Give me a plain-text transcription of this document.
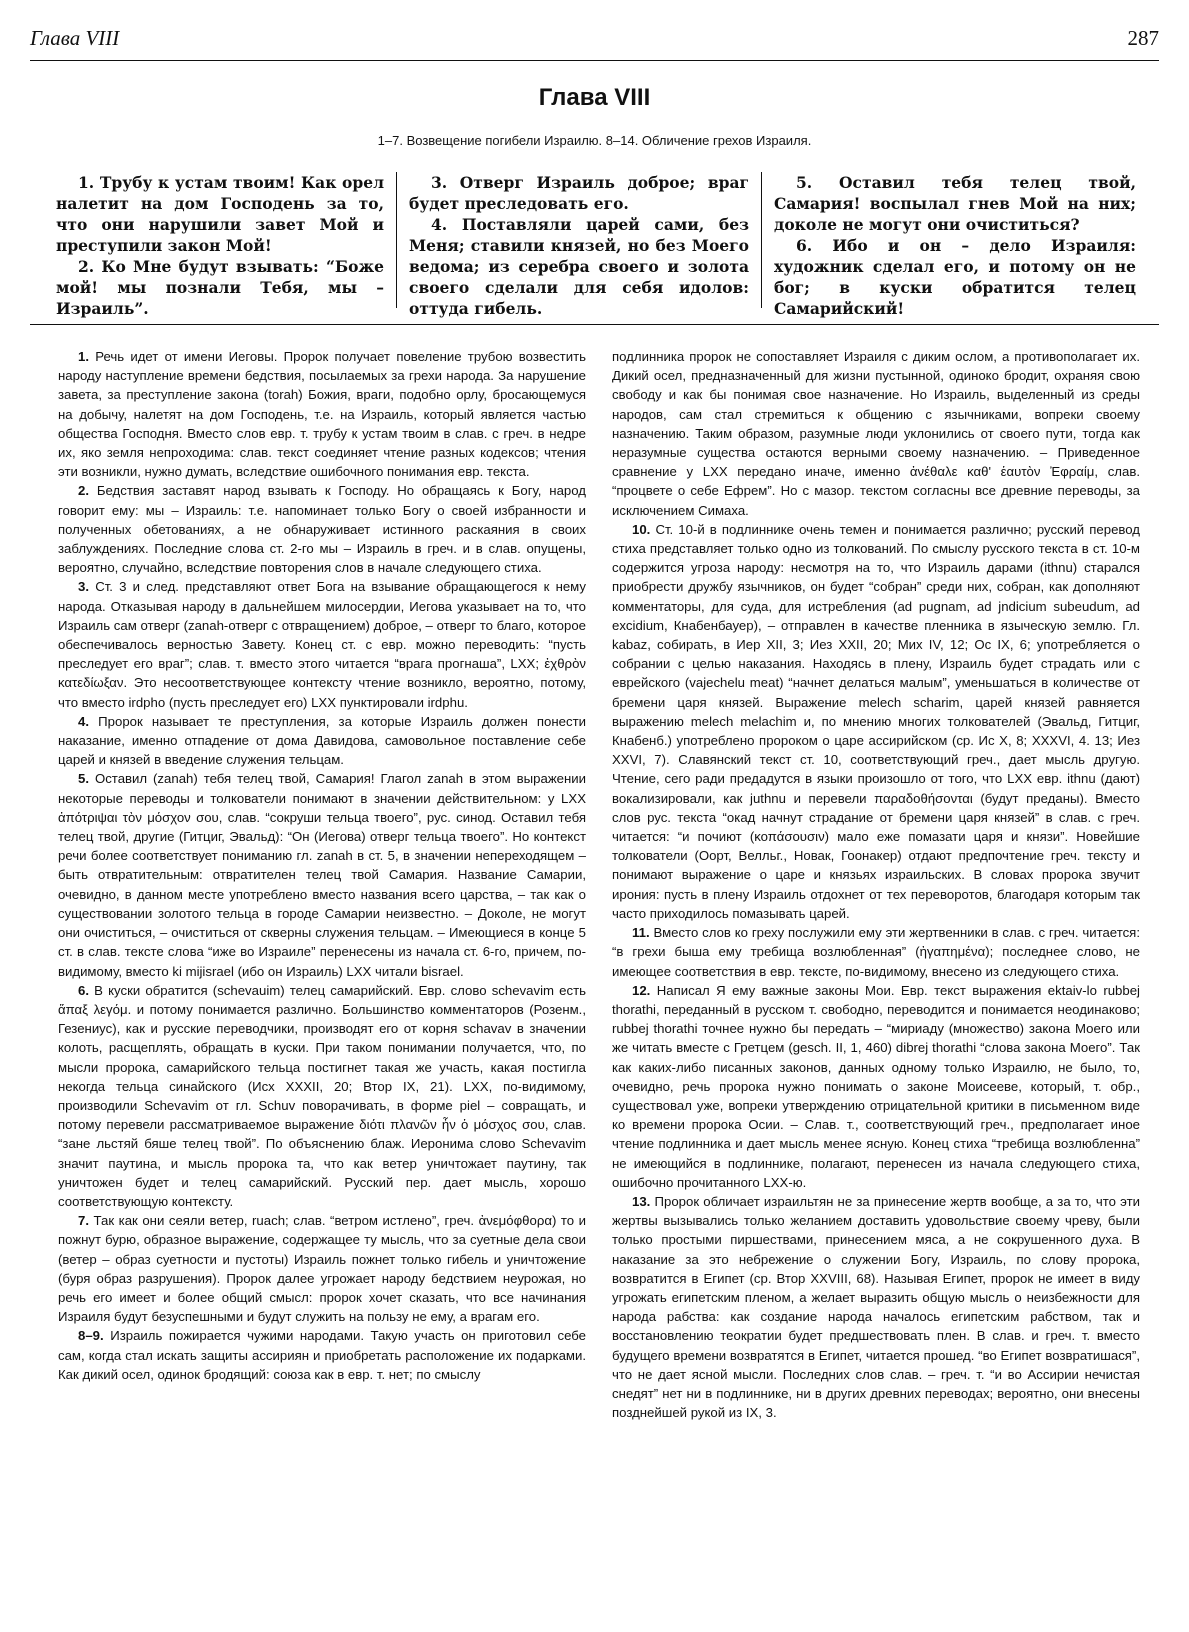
Глава VIII	287
Глава VIII
1–7. Возвещение погибели Израилю. 8–14. Обличение грехов Израиля.

1. Трубу к устам твоим! Как орел налетит на дом Господень за то, что они нарушили завет Мой и преступили закон Мой!

2. Ко Мне будут взывать: “Боже мой! мы познали Тебя, мы – Израиль”.

3. Отверг Израиль доброе; враг будет преследовать его.

4. Поставляли царей сами, без Меня; ставили князей, но без Моего ведома; из серебра своего и золота своего сделали для себя идолов: оттуда гибель.

5. Оставил тебя телец твой, Самария! воспылал гнев Мой на них; доколе не могут они очиститься?

6. Ибо и он – дело Израиля: художник сделал его, и потому он не бог; в куски обратится телец Самарийский!

1. Речь идет от имени Иеговы. Пророк получает повеление трубою возвестить народу наступление времени бедствия, посылаемых за грехи народа. За нарушение завета, за преступление закона (torah) Божия, враги, подобно орлу, бросающемуся на добычу, налетят на дом Господень, т.е. на Израиль, который является частью общества Господня. Вместо слов евр. т. трубу к устам твоим в слав. с греч. в недре их, яко земля непроходима: слав. текст соединяет чтение разных кодексов; чтения эти возникли, нужно думать, вследствие ошибочного понимания евр. текста.

2. Бедствия заставят народ взывать к Господу. Но обращаясь к Богу, народ говорит ему: мы – Израиль: т.е. напоминает только Богу о своей избранности и полученных обетованиях, а не обнаруживает истинного раскаяния в своих заблуждениях. Последние слова ст. 2-го мы – Израиль в греч. и в слав. опущены, вероятно, случайно, вследствие повторения слов в начале следующего стиха.

3. Ст. 3 и след. представляют ответ Бога на взывание обращающегося к нему народа. Отказывая народу в дальнейшем милосердии, Иегова указывает на то, что Израиль сам отверг (zanah-отверг с отвращением) доброе, – отверг то благо, которое обеспечивалось верностью Завету. Конец ст. с евр. можно переводить: “пусть преследует его враг”; слав. т. вместо этого читается “врага прогнаша”, LXX; ἐχθρὸν κατεδίωξαν. Это несоответствующее контексту чтение возникло, вероятно, потому, что вместо irdpho (пусть преследует его) LXX пунктировали irdphu.

4. Пророк называет те преступления, за которые Израиль должен понести наказание, именно отпадение от дома Давидова, самовольное поставление себе царей и князей в введение служения тельцам.

5. Оставил (zanah) тебя телец твой, Самария! Глагол zanah в этом выражении некоторые переводы и толкователи понимают в значении действительном: у LXX ἀπότριψαι τὸν μόσχον σου, слав. “сокруши тельца твоего”, рус. синод. Оставил тебя телец твой, другие (Гитциг, Эвальд): “Он (Иегова) отверг тельца твоего”. Но контекст речи более соответствует пониманию гл. zanah в ст. 5, в значении непереходящем – быть отвратительным: отвратителен телец твой Самария. Название Самарии, очевидно, в данном месте употреблено вместо названия всего царства, – так как о существовании золотого тельца в городе Самарии неизвестно. – Доколе, не могут они очиститься, – очиститься от скверны служения тельцам. – Имеющиеся в конце 5 ст. в слав. тексте слова “иже во Израиле” перенесены из начала ст. 6-го, причем, по-видимому, вместо ki mijisrael (ибо он Израиль) LXX читали bisrael.

6. В куски обратится (schevauim) телец самарийский. Евр. слово schevavim есть ἅπαξ λεγόμ. и потому понимается различно. Большинство комментаторов (Розенм., Гезениус), как и русские переводчики, производят его от корня schavav в значении колоть, расщеплять, обращать в куски. При таком понимании получается, что, по мысли пророка, самарийского тельца постигнет такая же участь, какая постигла некогда тельца синайского (Исх XXXII, 20; Втор IX, 21). LXX, по-видимому, производили Schevavim от гл. Schuv поворачивать, в форме piel – совращать, и потому перевели рассматриваемое выражение διότι πλανῶν ἦν ὁ μόσχος σου, слав. “зане льстяй бяше телец твой”. По объяснению блаж. Иеронима слово Schevavim значит паутина, и мысль пророка та, что как ветер уничтожает паутину, так уничтожен будет и телец самарийский. Русский пер. дает мысль, хорошо соответствующую контексту.

7. Так как они сеяли ветер, ruach; слав. “ветром истлено”, греч. ἀνεμόφθορα) то и пожнут бурю, образное выражение, содержащее ту мысль, что за суетные дела свои (ветер – образ суетности и пустоты) Израиль пожнет только гибель и уничтожение (буря образ разрушения). Пророк далее угрожает народу бедствием неурожая, но речь его имеет и более общий смысл: пророк хочет сказать, что все начинания Израиля будут безуспешными и будут служить на пользу не ему, а врагам его.

8–9. Израиль пожирается чужими народами. Такую участь он приготовил себе сам, когда стал искать защиты ассириян и приобретать расположение их подарками. Как дикий осел, одинок бродящий: союза как в евр. т. нет; по смыслу

подлинника пророк не сопоставляет Израиля с диким ослом, а противополагает их. Дикий осел, предназначенный для жизни пустынной, одиноко бродит, охраняя свою свободу и как бы понимая свое назначение. Но Израиль, выделенный из среды народов, сам стал стремиться к общению с язычниками, вопреки своему назначению. Таким образом, разумные люди уклонились от своего пути, тогда как неразумные существа остаются верными своему назначению. – Приведенное сравнение у LXX передано иначе, именно ἀνέθαλε καθ' ἑαυτὸν Ἐφραίμ, слав. “процвете о себе Ефрем”. Но с мазор. текстом согласны все древние переводы, за исключением Симаха.

10. Ст. 10-й в подлиннике очень темен и понимается различно; русский перевод стиха представляет только одно из толкований. По смыслу русского текста в ст. 10-м содержится угроза народу: несмотря на то, что Израиль дарами (ithnu) старался приобрести дружбу язычников, он будет “собран” среди них, собран, как дополняют комментаторы, для суда, для истребления (ad pugnam, ad jndicium subeudum, ad excidium, Кнабенбауер), – отправлен в качестве пленника в языческую землю. Гл. kabaz, собирать, в Иер XII, 3; Иез XXII, 20; Мих IV, 12; Ос IX, 6; употребляется о собрании с целью наказания. Находясь в плену, Израиль будет страдать или с еврейского (vajechelu meat) “начнет делаться малым”, уменьшаться в количестве от бремени царя князей. Выражение melech scharim, царей князей равняется выражению melech melachim и, по мнению многих толкователей (Эвальд, Гитциг, Кнабенб.) употреблено пророком о царе ассирийском (ср. Ис X, 8; XXXVI, 4. 13; Иез XXVI, 7). Славянский текст ст. 10, соответствующий греч., дает мысль другую. Чтение, сего ради предадутся в языки произошло от того, что LXX евр. ithnu (дают) вокализировали, как juthnu и перевели παραδοθήσονται (будут преданы). Вместо слов рус. текста “окад начнут страдание от бремени царя князей” в слав. с греч. читается: “и почиют (κοπάσουσιν) мало еже помазати царя и князи”. Новейшие толкователи (Оорт, Велльг., Новак, Гоонакер) отдают предпочтение греч. тексту и понимают выражение о царе и князьях израильских. В словах пророка звучит ирония: пусть в плену Израиль отдохнет от тех переворотов, благодаря которым так часто приходилось помазывать царей.

11. Вместо слов ко греху послужили ему эти жертвенники в слав. с греч. читается: “в грехи быша ему требища возлюбленная” (ἠγαπημένα); последнее слово, не имеющее соответствия в евр. тексте, по-видимому, внесено из следующего стиха.

12. Написал Я ему важные законы Мои. Евр. текст выражения ektaiv-lo rubbej thorathi, переданный в русском т. свободно, переводится и понимается неодинаково; rubbej thorathi точнее нужно бы передать – “мириаду (множество) закона Моего или же читать вместе с Гретцем (gesch. II, 1, 460) dibrej thorathi “слова закона Моего”. Так как каких-либо писанных законов, данных одному только Израилю, не было, то, очевидно, речь пророка нужно понимать о законе Моисееве, который, т. обр., существовал уже, вопреки утверждению отрицательной критики в письменном виде ко времени пророка Осии. – Слав. т., соответствующий греч., предполагает иное чтение подлинника и дает мысль менее ясную. Конец стиха “требища возлюбленна” не имеющийся в подлиннике, полагают, перенесен из начала следующего стиха, ошибочно прочитанного LXX-ю.

13. Пророк обличает израильтян не за принесение жертв вообще, а за то, что эти жертвы вызывались только желанием доставить удовольствие своему чреву, были только простыми пиршествами, принесением мяса, а не сокрушенного духа. В наказание за это небрежение о служении Богу, Израиль, по слову пророка, возвратится в Египет (ср. Втор XXVIII, 68). Называя Египет, пророк не имеет в виду угрожать египетским пленом, а желает выразить общую мысль о неизбежности для народа рабства: как создание народа началось египетским рабством, так и восстановлению теократии будет предшествовать плен. В слав. и греч. т. вместо будущего времени возвратятся в Египет, читается прошед. “во Египет возвратишася”, что не дает ясной мысли. Последних слов слав. – греч. т. “и во Ассирии нечистая снедят” нет ни в подлиннике, ни в других древних переводах; вероятно, они внесены позднейшей рукой из IX, 3.
